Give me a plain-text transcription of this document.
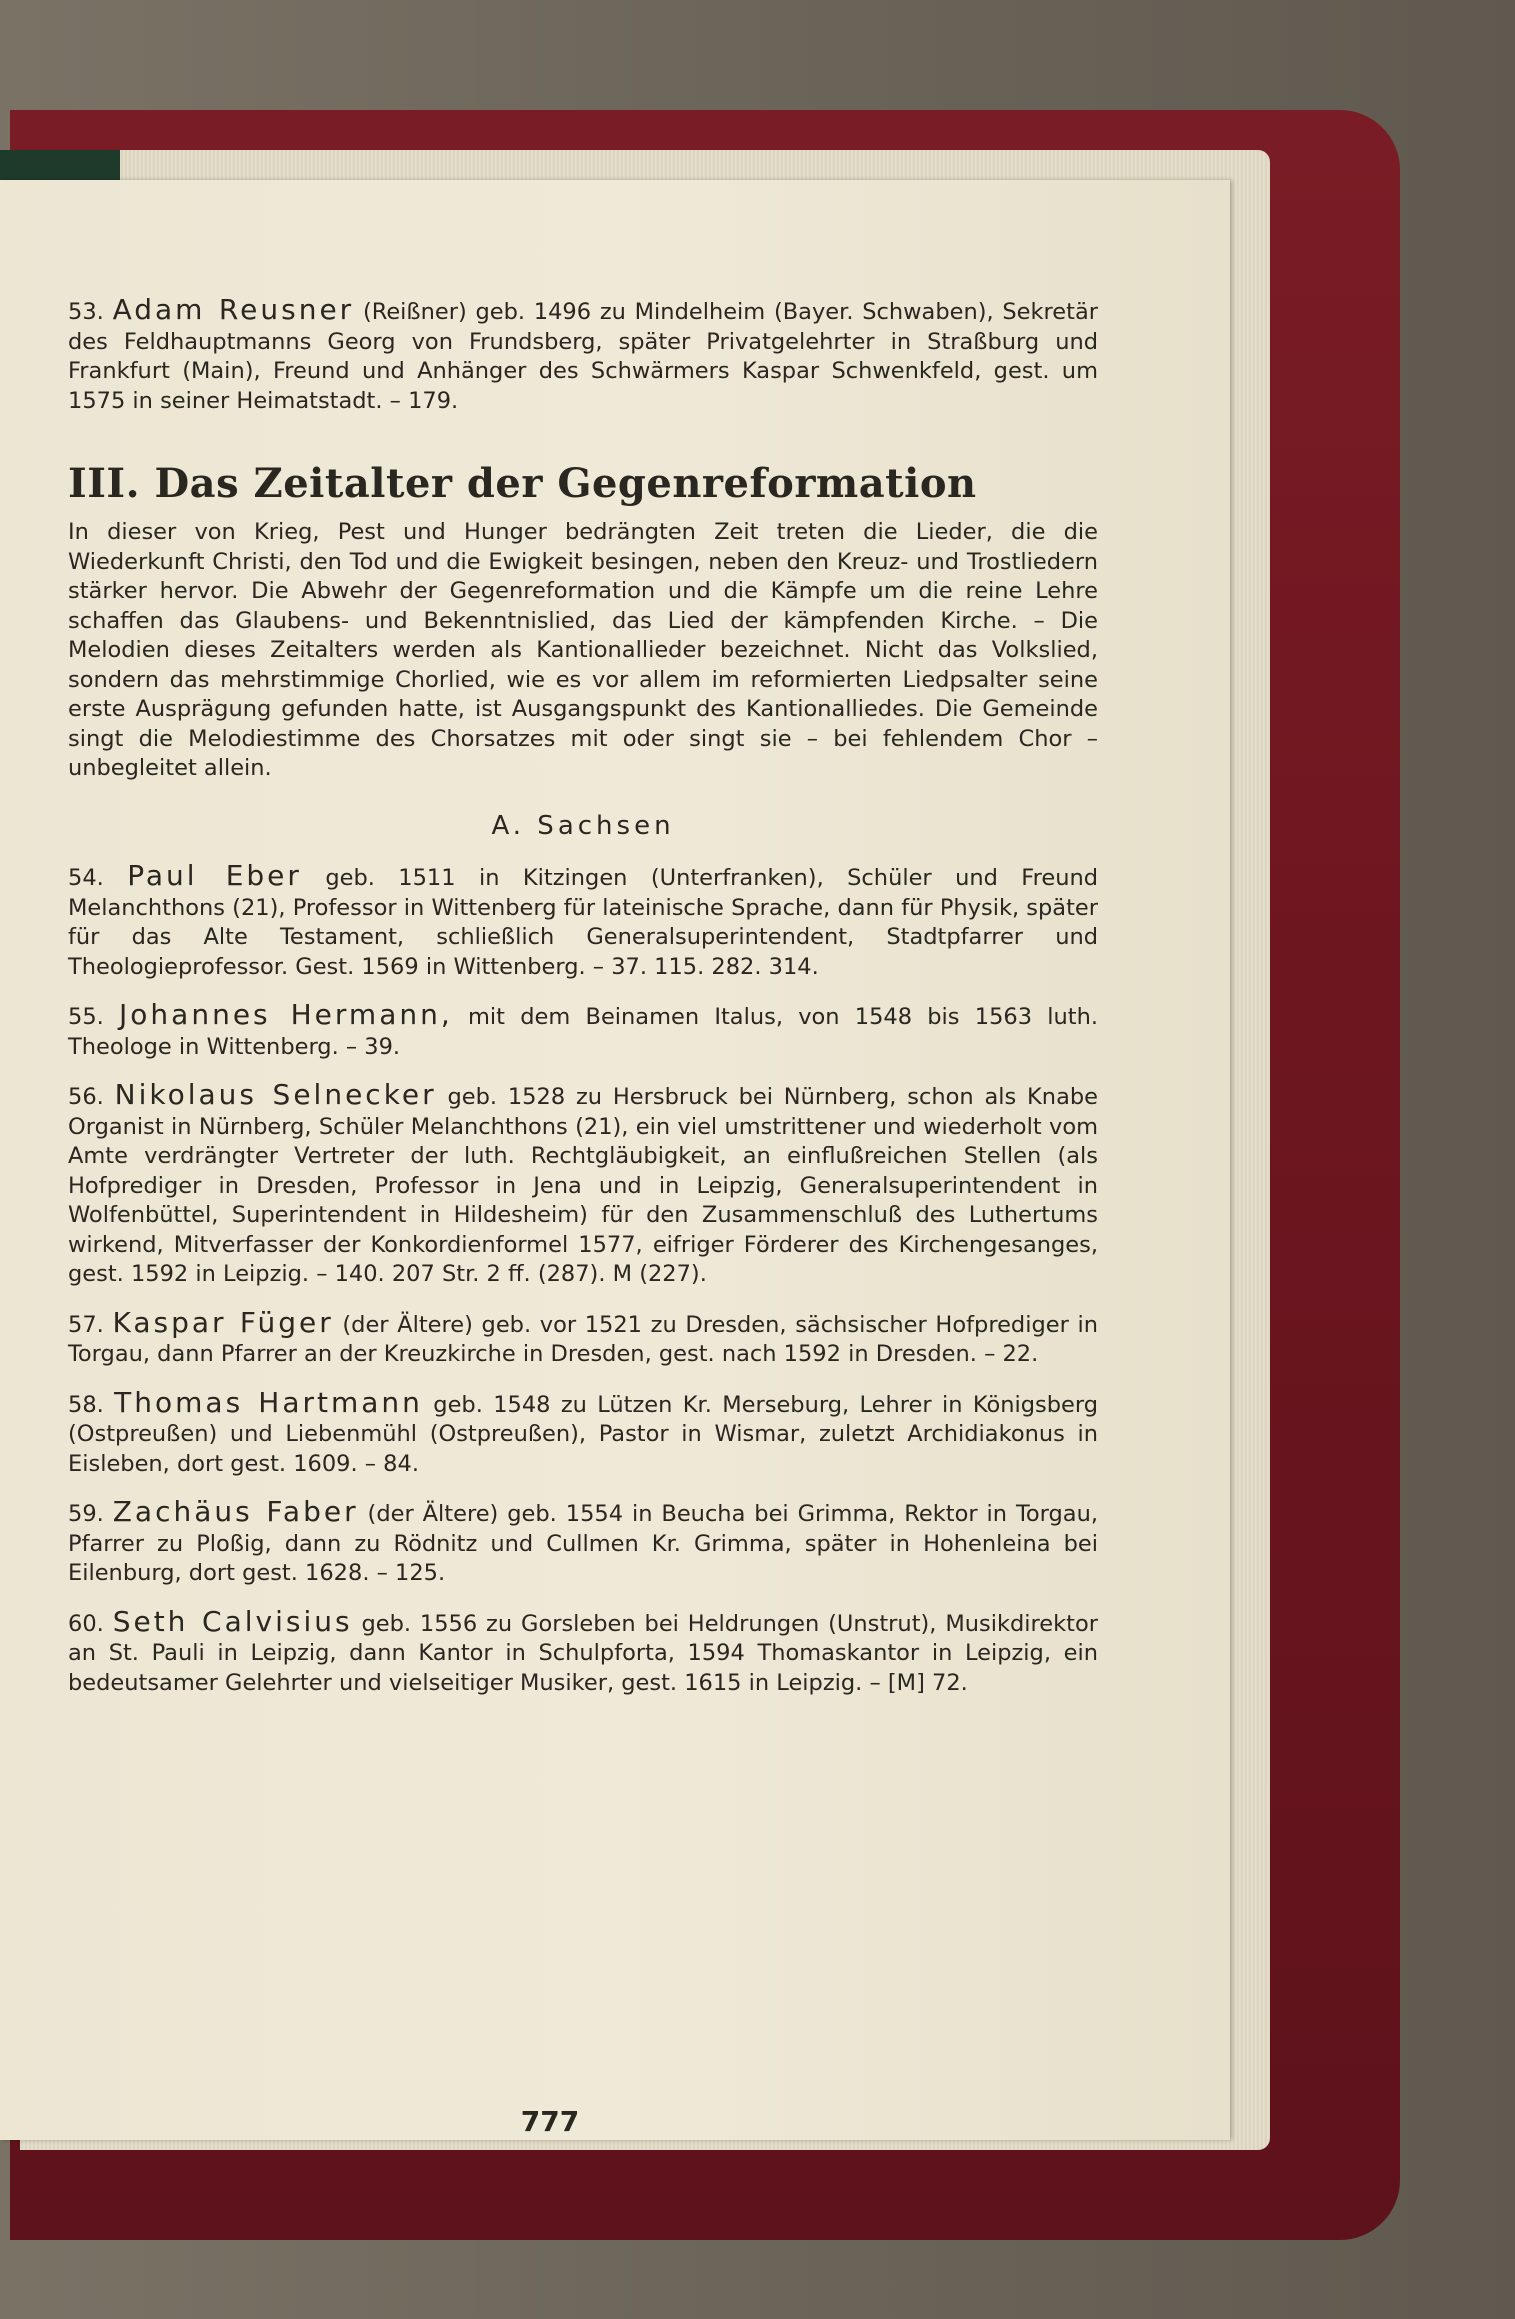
53. Adam Reusner (Reißner) geb. 1496 zu Mindelheim (Bayer. Schwaben), Sekretär des Feldhauptmanns Georg von Frundsberg, später Privatgelehrter in Straßburg und Frankfurt (Main), Freund und Anhänger des Schwärmers Kaspar Schwenkfeld, gest. um 1575 in seiner Heimatstadt. – 179.
III. Das Zeitalter der Gegenreformation
In dieser von Krieg, Pest und Hunger bedrängten Zeit treten die Lieder, die die Wiederkunft Christi, den Tod und die Ewigkeit besingen, neben den Kreuz- und Trostliedern stärker hervor. Die Abwehr der Gegenreformation und die Kämpfe um die reine Lehre schaffen das Glaubens- und Bekenntnislied, das Lied der kämpfenden Kirche. – Die Melodien dieses Zeitalters werden als Kantionallieder bezeichnet. Nicht das Volkslied, sondern das mehrstimmige Chorlied, wie es vor allem im reformierten Liedpsalter seine erste Ausprägung gefunden hatte, ist Ausgangspunkt des Kantionalliedes. Die Gemeinde singt die Melodiestimme des Chorsatzes mit oder singt sie – bei fehlendem Chor – unbegleitet allein.
A. Sachsen
54. Paul Eber geb. 1511 in Kitzingen (Unterfranken), Schüler und Freund Melanchthons (21), Professor in Wittenberg für lateinische Sprache, dann für Physik, später für das Alte Testament, schließlich Generalsuperintendent, Stadtpfarrer und Theologieprofessor. Gest. 1569 in Wittenberg. – 37. 115. 282. 314.
55. Johannes Hermann, mit dem Beinamen Italus, von 1548 bis 1563 luth. Theologe in Wittenberg. – 39.
56. Nikolaus Selnecker geb. 1528 zu Hersbruck bei Nürnberg, schon als Knabe Organist in Nürnberg, Schüler Melanchthons (21), ein viel umstrittener und wiederholt vom Amte verdrängter Vertreter der luth. Rechtgläubigkeit, an einflußreichen Stellen (als Hofprediger in Dresden, Professor in Jena und in Leipzig, Generalsuperintendent in Wolfenbüttel, Superintendent in Hildesheim) für den Zusammenschluß des Luthertums wirkend, Mitverfasser der Konkordienformel 1577, eifriger Förderer des Kirchengesanges, gest. 1592 in Leipzig. – 140. 207 Str. 2 ff. (287). M (227).
57. Kaspar Füger (der Ältere) geb. vor 1521 zu Dresden, sächsischer Hofprediger in Torgau, dann Pfarrer an der Kreuzkirche in Dresden, gest. nach 1592 in Dresden. – 22.
58. Thomas Hartmann geb. 1548 zu Lützen Kr. Merseburg, Lehrer in Königsberg (Ostpreußen) und Liebenmühl (Ostpreußen), Pastor in Wismar, zuletzt Archidiakonus in Eisleben, dort gest. 1609. – 84.
59. Zachäus Faber (der Ältere) geb. 1554 in Beucha bei Grimma, Rektor in Torgau, Pfarrer zu Ploßig, dann zu Rödnitz und Cullmen Kr. Grimma, später in Hohenleina bei Eilenburg, dort gest. 1628. – 125.
60. Seth Calvisius geb. 1556 zu Gorsleben bei Heldrungen (Unstrut), Musikdirektor an St. Pauli in Leipzig, dann Kantor in Schulpforta, 1594 Thomaskantor in Leipzig, ein bedeutsamer Gelehrter und vielseitiger Musiker, gest. 1615 in Leipzig. – [M] 72.
777
